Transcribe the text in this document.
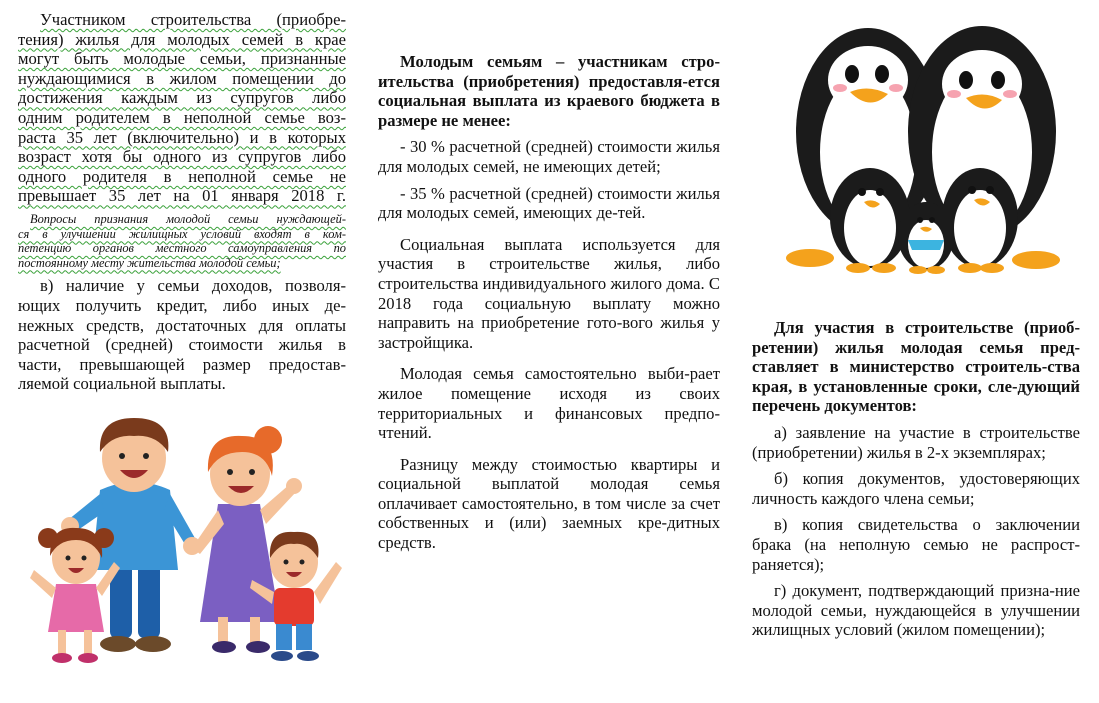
Участником строительства (приобре-

тения) жилья для молодых семей в крае

могут быть молодые семьи, признанные

нуждающимися в жилом помещении до

достижения каждым из супругов либо

одним родителем в неполной семье воз-

раста 35 лет (включительно) и в которых

возраст хотя бы одного из супругов либо

одного родителя в неполной семье не

превышает 35 лет на 01 января 2018 г.

Вопросы признания молодой семьи нуждающей-

ся в улучшении жилищных условий входят в ком-

петенцию органов местного самоуправления по

постоянному месту жительства молодой семьи;

в) наличие у семьи доходов, позволя-ющих получить кредит, либо иных де-нежных средств, достаточных для оплаты расчетной (средней) стоимости жилья в части, превышающей размер предостав-ляемой социальной выплаты.

Молодым семьям – участникам стро-ительства (приобретения) предоставля-ется социальная выплата из краевого бюджета в размере не менее:

- 30 % расчетной (средней) стоимости жилья для молодых семей, не имеющих детей;

- 35 % расчетной (средней) стоимости жилья для молодых семей, имеющих де-тей.

Социальная выплата используется для участия в строительстве жилья, либо строительства индивидуального жилого дома. С 2018 года социальную выплату можно направить на приобретение гото-вого жилья у застройщика.

Молодая семья самостоятельно выби-рает жилое помещение исходя из своих территориальных и финансовых предпо-чтений.

Разницу между стоимостью квартиры и социальной выплатой молодая семья оплачивает самостоятельно, в том числе за счет собственных и (или) заемных кре-дитных средств.

Для участия в строительстве (приоб-ретении) жилья молодая семья пред-ставляет в министерство строитель-ства края, в установленные сроки, сле-дующий перечень документов:

а) заявление на участие в строительстве (приобретении) жилья в 2-х экземплярах;

б) копия документов, удостоверяющих личность каждого члена семьи;

в) копия свидетельства о заключении брака (на неполную семью не распрост-раняется);

г) документ, подтверждающий призна-ние молодой семьи, нуждающейся в улучшении жилищных условий (жилом помещении);
